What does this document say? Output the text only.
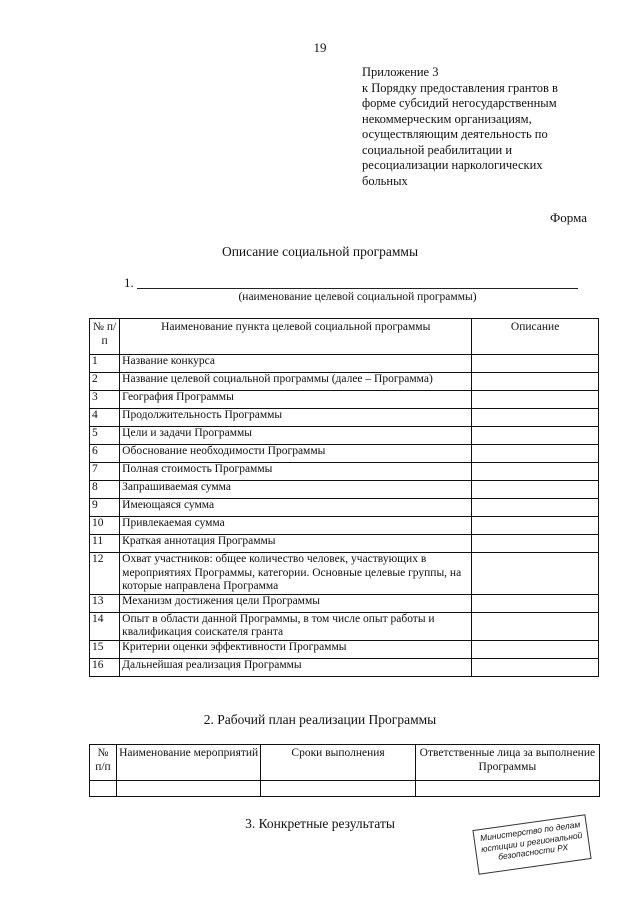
19
Приложение 3
к Порядку предоставления грантов в
форме субсидий негосударственным
некоммерческим организациям,
осуществляющим деятельность по
социальной реабилитации и
ресоциализации наркологических
больных
Форма
Описание социальной программы
1.
(наименование целевой социальной программы)
№ п/п	Наименование пункта целевой социальной программы	Описание
1	Название конкурса	
2	Название целевой социальной программы (далее – Программа)	
3	География Программы	
4	Продолжительность Программы	
5	Цели и задачи Программы	
6	Обоснование необходимости Программы	
7	Полная стоимость Программы	
8	Запрашиваемая сумма	
9	Имеющаяся сумма	
10	Привлекаемая сумма	
11	Краткая аннотация Программы	
12	Охват участников: общее количество человек, участвующих в мероприятиях Программы, категории. Основные целевые группы, на которые направлена Программа	
13	Механизм достижения цели Программы	
14	Опыт в области данной Программы, в том числе опыт работы и квалификация соискателя гранта	
15	Критерии оценки эффективности Программы	
16	Дальнейшая реализация Программы	
2. Рабочий план реализации Программы
№ п/п	Наименование мероприятий	Сроки выполнения	Ответственные лица за выполнение Программы

3. Конкретные результаты	Министерство по делам юстиции и региональной безопасности РХ
